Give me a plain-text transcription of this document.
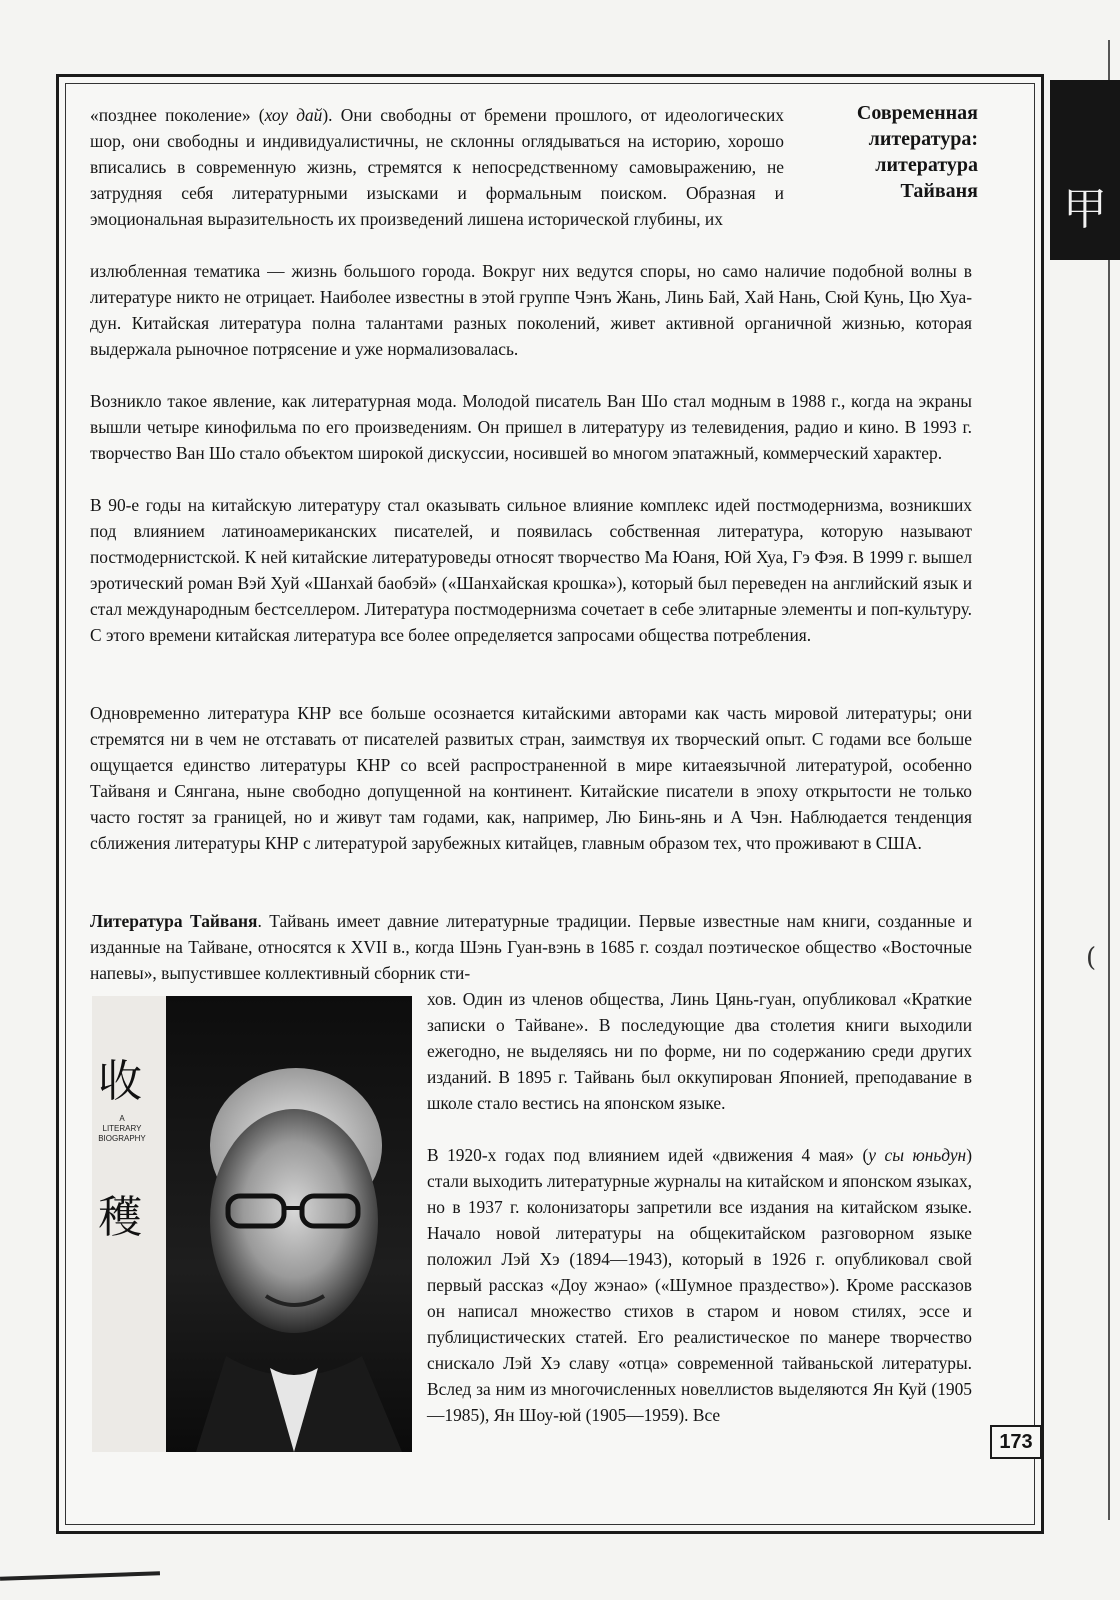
甲
(
Современная
литература:
литература
Тайваня

«позднее поколение» (хоу дай). Они свободны от бремени прошлого, от идеологических шор, они свободны и индивидуалистичны, не склонны оглядываться на историю, хорошо вписались в современную жизнь, стремятся к непосредственному самовыражению, не затрудняя себя литературными изысками и формальным поиском. Образная и эмоциональная выразительность их произведений лишена исторической глубины, их

излюбленная тематика — жизнь большого города. Вокруг них ведутся споры, но само наличие подобной волны в литературе никто не отрицает. Наиболее известны в этой группе Чэнъ Жань, Линь Бай, Хай Нань, Сюй Кунь, Цю Хуа-дун. Китайская литература полна талантами разных поколений, живет активной органичной жизнью, которая выдержала рыночное потрясение и уже нормализовалась.

Возникло такое явление, как литературная мода. Молодой писатель Ван Шо стал модным в 1988 г., когда на экраны вышли четыре кинофильма по его произведениям. Он пришел в литературу из телевидения, радио и кино. В 1993 г. творчество Ван Шо стало объектом широкой дискуссии, носившей во многом эпатажный, коммерческий характер.

В 90-е годы на китайскую литературу стал оказывать сильное влияние комплекс идей постмодернизма, возникших под влиянием латиноамериканских писателей, и появилась собственная литература, которую называют постмодернистской. К ней китайские литературоведы относят творчество Ма Юаня, Юй Хуа, Гэ Фэя. В 1999 г. вышел эротический роман Вэй Хуй «Шанхай баобэй» («Шанхайская крошка»), который был переведен на английский язык и стал международным бестселлером. Литература постмодернизма сочетает в себе элитарные элементы и поп-культуру. С этого времени китайская литература все более определяется запросами общества потребления.

Одновременно литература КНР все больше осознается китайскими авторами как часть мировой литературы; они стремятся ни в чем не отставать от писателей развитых стран, заимствуя их творческий опыт. С годами все больше ощущается единство литературы КНР со всей распространенной в мире китаеязычной литературой, особенно Тайваня и Сянгана, ныне свободно допущенной на континент. Китайские писатели в эпоху открытости не только часто гостят за границей, но и живут там годами, как, например, Лю Бинь-янь и А Чэн. Наблюдается тенденция сближения литературы КНР с литературой зарубежных китайцев, главным образом тех, что проживают в США.

Литература Тайваня. Тайвань имеет давние литературные традиции. Первые известные нам книги, созданные и изданные на Тайване, относятся к XVII в., когда Шэнь Гуан-вэнь в 1685 г. создал поэтическое общество «Восточные напевы», выпустившее коллективный сборник сти-

收
A
LITERARY
BIOGRAPHY
穫

хов. Один из членов общества, Линь Цянь-гуан, опубликовал «Краткие записки о Тайване». В последующие два столетия книги выходили ежегодно, не выделяясь ни по форме, ни по содержанию среди других изданий. В 1895 г. Тайвань был оккупирован Японией, преподавание в школе стало вестись на японском языке.

В 1920-х годах под влиянием идей «движения 4 мая» (у сы юньдун) стали выходить литературные журналы на китайском и японском языках, но в 1937 г. колонизаторы запретили все издания на китайском языке. Начало новой литературы на общекитайском разговорном языке положил Лэй Хэ (1894—1943), который в 1926 г. опубликовал свой первый рассказ «Доу жэнао» («Шумное праздество»). Кроме рассказов он написал множество стихов в старом и новом стилях, эссе и публицистических статей. Его реалистическое по манере творчество снискало Лэй Хэ славу «отца» современной тайваньской литературы. Вслед за ним из многочисленных новеллистов выделяются Ян Куй (1905—1985), Ян Шоу-юй (1905—1959). Все

173
